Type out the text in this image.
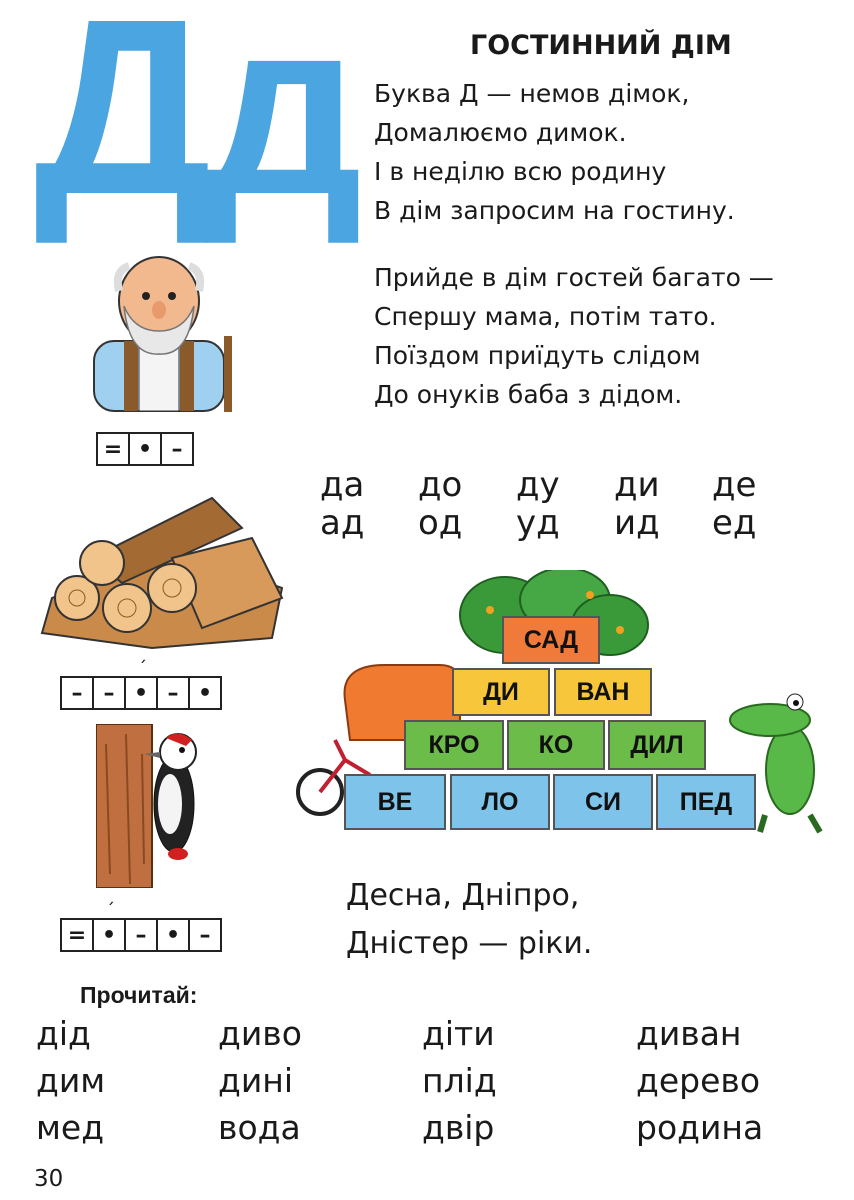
Дд	ГОСТИННИЙ ДІМ
Буква Д — немов дімок,
Домалюємо димок.
І в неділю всю родину
В дім запросим на гостину.
Прийде в дім гостей багато —
Спершу мама, потім тато.
Поїздом приїдуть слідом
До онуків баба з дідом.
= • –
– –
´
• – •
=
´
• – • –
да	до	ду	ди	де
ад	од	уд	ид	ед
САД
ДИ	ВАН
КРО	КО	ДИЛ
ВЕ	ЛО	СИ	ПЕД
Десна, Дніпро,
Дністер — ріки.
Прочитай:
дід	диво	діти	диван
дим	дині	плід	дерево
мед	вода	двір	родина
30
